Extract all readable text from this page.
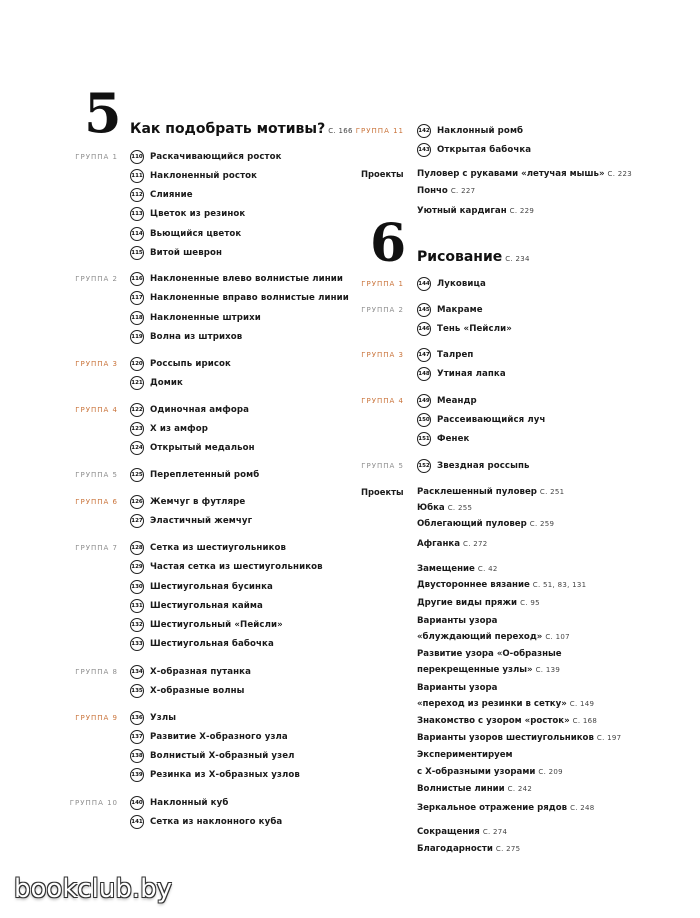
5 Как подобрать мотивы? С. 166
ГРУППА 1 110 Раскачивающийся росток
111 Наклоненный росток
112 Слияние
113 Цветок из резинок
114 Вьющийся цветок
115 Витой шеврон
ГРУППА 2 116 Наклоненные влево волнистые линии
117 Наклоненные вправо волнистые линии
118 Наклоненные штрихи
119 Волна из штрихов
ГРУППА 3 120 Россыпь ирисок
121 Домик
ГРУППА 4 122 Одиночная амфора
123 Х из амфор
124 Открытый медальон
ГРУППА 5 125 Переплетенный ромб
ГРУППА 6 126 Жемчуг в футляре
127 Эластичный жемчуг
ГРУППА 7 128 Сетка из шестиугольников
129 Частая сетка из шестиугольников
130 Шестиугольная бусинка
131 Шестиугольная кайма
132 Шестиугольный «Пейсли»
133 Шестиугольная бабочка
ГРУППА 8 134 Х-образная путанка
135 Х-образные волны
ГРУППА 9 136 Узлы
137 Развитие Х-образного узла
138 Волнистый Х-образный узел
139 Резинка из Х-образных узлов
ГРУППА 10 140 Наклонный куб
141 Сетка из наклонного куба
ГРУППА 11	142 Наклонный ромб
143 Открытая бабочка
Проекты Пуловер с рукавами «летучая мышь» С. 223
Пончо С. 227
Уютный кардиган С. 229
6 Рисование С. 234
ГРУППА 1	144 Луковица
ГРУППА 2	145 Макраме
146 Тень «Пейсли»
ГРУППА 3	147 Талреп
148 Утиная лапка
ГРУППА 4	149 Меандр
150 Рассеивающийся луч
151 Фенек
ГРУППА 5	152 Звездная россыпь
Проекты Расклешенный пуловер С. 251
Юбка С. 255
Облегающий пуловер С. 259
Афганка С. 272
Замещение С. 42
Двустороннее вязание С. 51, 83, 131
Другие виды пряжи С. 95
Варианты узора
«блуждающий переход» С. 107
Развитие узора «О-образные
перекрещенные узлы» С. 139
Варианты узора
«переход из резинки в сетку» С. 149
Знакомство с узором «росток» С. 168
Варианты узоров шестиугольников С. 197
Экспериментируем
с Х-образными узорами С. 209
Волнистые линии С. 242
Зеркальное отражение рядов С. 248
Сокращения С. 274
Благодарности С. 275
bookclub.by
